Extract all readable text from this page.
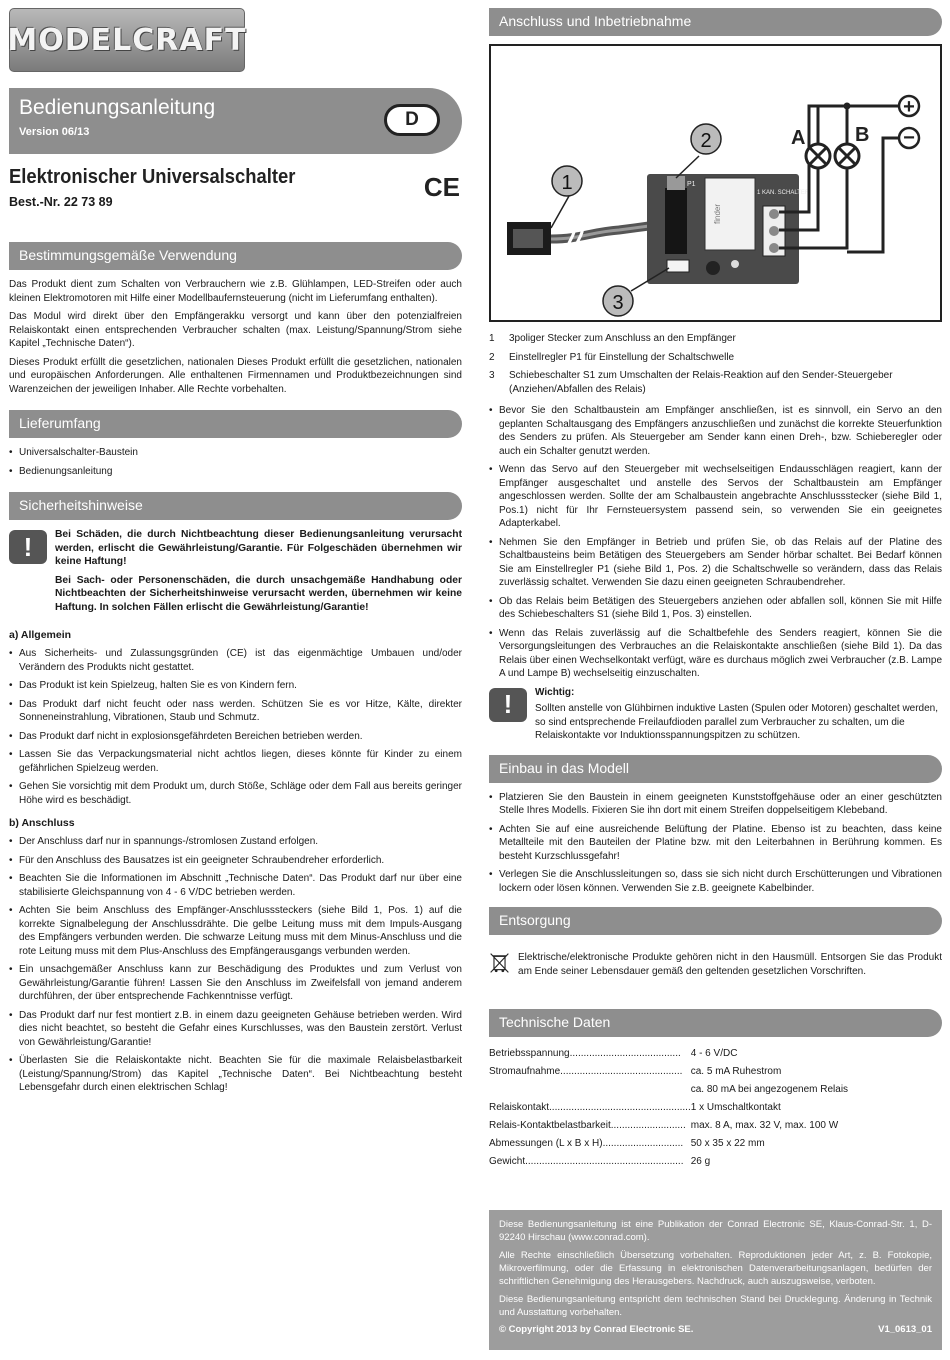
MODELCRAFT
Bedienungsanleitung
Version 06/13
D
Elektronischer Universalschalter
Best.-Nr. 22 73 89	CE
Bestimmungsgemäße Verwendung

Das Produkt dient zum Schalten von Verbrauchern wie z.B. Glühlampen, LED-Streifen oder auch kleinen Elektromotoren mit Hilfe einer Modellbaufernsteuerung (nicht im Lieferumfang enthalten).

Das Modul wird direkt über den Empfängerakku versorgt und kann über den potenzialfreien Relaiskontakt einen entsprechenden Verbraucher schalten (max. Leistung/Spannung/Strom siehe Kapitel „Technische Daten“).

Dieses Produkt erfüllt die gesetzlichen, nationalen Dieses Produkt erfüllt die gesetzlichen, nationalen und europäischen Anforderungen. Alle enthaltenen Firmennamen und Produktbezeichnungen sind Warenzeichen der jeweiligen Inhaber. Alle Rechte vorbehalten.

Lieferumfang
• Universalschalter-Baustein
• Bedienungsanleitung
Sicherheitshinweise
!	Bei Schäden, die durch Nichtbeachtung dieser Bedienungsanleitung verursacht werden, erlischt die Gewährleistung/Garantie. Für Folgeschäden übernehmen wir keine Haftung!

Bei Sach- oder Personenschäden, die durch unsachgemäße Handhabung oder Nichtbeachten der Sicherheitshinweise verursacht werden, übernehmen wir keine Haftung. In solchen Fällen erlischt die Gewährleistung/Garantie!

a) Allgemein
• Aus Sicherheits- und Zulassungsgründen (CE) ist das eigenmächtige Umbauen und/oder Verändern des Produkts nicht gestattet.
• Das Produkt ist kein Spielzeug, halten Sie es von Kindern fern.
• Das Produkt darf nicht feucht oder nass werden. Schützen Sie es vor Hitze, Kälte, direkter Sonneneinstrahlung, Vibrationen, Staub und Schmutz.
• Das Produkt darf nicht in explosionsgefährdeten Bereichen betrieben werden.
• Lassen Sie das Verpackungsmaterial nicht achtlos liegen, dieses könnte für Kinder zu einem gefährlichen Spielzeug werden.
• Gehen Sie vorsichtig mit dem Produkt um, durch Stöße, Schläge oder dem Fall aus bereits geringer Höhe wird es beschädigt.
b) Anschluss
• Der Anschluss darf nur in spannungs-/stromlosen Zustand erfolgen.
• Für den Anschluss des Bausatzes ist ein geeigneter Schraubendreher erforderlich.
• Beachten Sie die Informationen im Abschnitt „Technische Daten“. Das Produkt darf nur über eine stabilisierte Gleichspannung von 4 - 6 V/DC betrieben werden.
• Achten Sie beim Anschluss des Empfänger-Anschlusssteckers (siehe Bild 1, Pos. 1) auf die korrekte Signalbelegung der Anschlussdrähte. Die gelbe Leitung muss mit dem Impuls-Ausgang des Empfängers verbunden werden. Die schwarze Leitung muss mit dem Minus-Anschluss und die rote Leitung muss mit dem Plus-Anschluss des Empfängerausgangs verbunden werden.
• Ein unsachgemäßer Anschluss kann zur Beschädigung des Produktes und zum Verlust von Gewährleistung/Garantie führen! Lassen Sie den Anschluss im Zweifelsfall von jemand anderem durchführen, der über entsprechende Fachkenntnisse verfügt.
• Das Produkt darf nur fest montiert z.B. in einem dazu geeigneten Gehäuse betrieben werden. Wird dies nicht beachtet, so besteht die Gefahr eines Kurschlusses, was den Baustein zerstört. Verlust von Gewährleistung/Garantie!
• Überlasten Sie die Relaiskontakte nicht. Beachten Sie für die maximale Relaisbelastbarkeit (Leistung/Spannung/Strom) das Kapitel „Technische Daten“. Bei Nichtbeachtung besteht Lebensgefahr durch einen elektrischen Schlag!
Anschluss und Inbetriebnahme
P1
finder
1 KAN. SCHALTER
A B
+
−
1
2
3
1	3poliger Stecker zum Anschluss an den Empfänger
2	Einstellregler P1 für Einstellung der Schaltschwelle
3	Schiebeschalter S1 zum Umschalten der Relais-Reaktion auf den Sender-Steuergeber (Anziehen/Abfallen des Relais)
• Bevor Sie den Schaltbaustein am Empfänger anschließen, ist es sinnvoll, ein Servo an den geplanten Schaltausgang des Empfängers anzuschließen und zunächst die korrekte Steuerfunktion des Senders zu prüfen. Als Steuergeber am Sender kann einen Dreh-, bzw. Schieberegler oder auch ein Schalter genutzt werden.
• Wenn das Servo auf den Steuergeber mit wechselseitigen Endausschlägen reagiert, kann der Empfänger ausgeschaltet und anstelle des Servos der Schaltbaustein am Empfänger angeschlossen werden. Sollte der am Schalbaustein angebrachte Anschlussstecker (siehe Bild 1, Pos.1) nicht für Ihr Fernsteuersystem passend sein, so verwenden Sie ein geeignetes Adapterkabel.
• Nehmen Sie den Empfänger in Betrieb und prüfen Sie, ob das Relais auf der Platine des Schaltbausteins beim Betätigen des Steuergebers am Sender hörbar schaltet. Bei Bedarf können Sie am Einstellregler P1 (siehe Bild 1, Pos. 2) die Schaltschwelle so verändern, dass das Relais zuverlässig schaltet. Verwenden Sie dazu einen geeigneten Schraubendreher.
• Ob das Relais beim Betätigen des Steuergebers anziehen oder abfallen soll, können Sie mit Hilfe des Schiebeschalters S1 (siehe Bild 1, Pos. 3) einstellen.
• Wenn das Relais zuverlässig auf die Schaltbefehle des Senders reagiert, können Sie die Versorgungsleitungen des Verbrauches an die Relaiskontakte anschließen (siehe Bild 1). Da das Relais über einen Wechselkontakt verfügt, wäre es durchaus möglich zwei Verbraucher (z.B. Lampe A und Lampe B) wechselseitig einzuschalten.
!	Wichtig:
Sollten anstelle von Glühbirnen induktive Lasten (Spulen oder Motoren) geschaltet werden, so sind entsprechende Freilaufdioden parallel zum Verbraucher zu schalten, um die Relaiskontakte vor Induktionsspannungspitzen zu schützen.
Einbau in das Modell
• Platzieren Sie den Baustein in einem geeigneten Kunststoffgehäuse oder an einer geschützten Stelle Ihres Modells. Fixieren Sie ihn dort mit einem Streifen doppelseitigem Klebeband.
• Achten Sie auf eine ausreichende Belüftung der Platine. Ebenso ist zu beachten, dass keine Metallteile mit den Bauteilen der Platine bzw. mit den Leiterbahnen in Berührung kommen. Es besteht Kurzschlussgefahr!
• Verlegen Sie die Anschlussleitungen so, dass sie sich nicht durch Erschütterungen und Vibrationen lockern oder lösen können. Verwenden Sie z.B. geeignete Kabelbinder.
Entsorgung

Elektrische/elektronische Produkte gehören nicht in den Hausmüll. Entsorgen Sie das Produkt am Ende seiner Lebensdauer gemäß den geltenden gesetzlichen Vorschriften.

Technische Daten
Betriebsspannung........................................	4 - 6 V/DC
Stromaufnahme............................................	ca. 5 mA Ruhestrom
	ca. 80 mA bei angezogenem Relais
Relaiskontakt...................................................	1 x Umschaltkontakt
Relais-Kontaktbelastbarkeit...........................	max. 8 A, max. 32 V, max. 100 W
Abmessungen (L x B x H).............................	50 x 35 x 22 mm
Gewicht.........................................................	26 g

Diese Bedienungsanleitung ist eine Publikation der Conrad Electronic SE, Klaus-Conrad-Str. 1, D-92240 Hirschau (www.conrad.com).

Alle Rechte einschließlich Übersetzung vorbehalten. Reproduktionen jeder Art, z. B. Fotokopie, Mikroverfilmung, oder die Erfassung in elektronischen Datenverarbeitungsanlagen, bedürfen der schriftlichen Genehmigung des Herausgebers. Nachdruck, auch auszugsweise, verboten.

Diese Bedienungsanleitung entspricht dem technischen Stand bei Drucklegung. Änderung in Technik und Ausstattung vorbehalten.

© Copyright 2013 by Conrad Electronic SE.	V1_0613_01
